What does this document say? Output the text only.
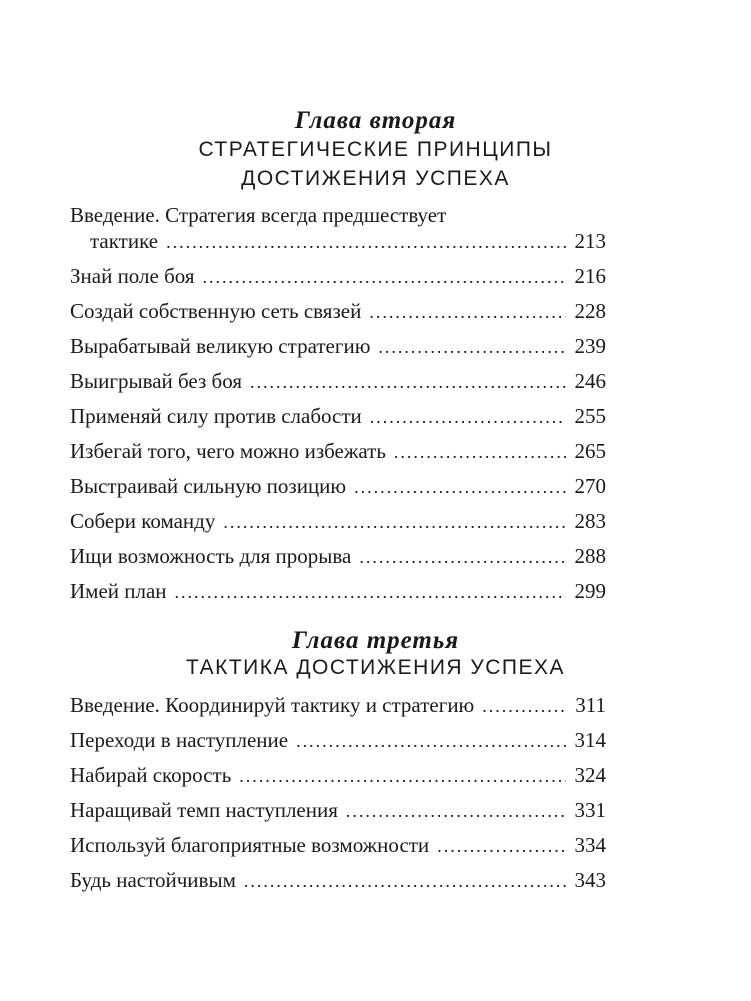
Глава вторая
СТРАТЕГИЧЕСКИЕ ПРИНЦИПЫ
ДОСТИЖЕНИЯ УСПЕХА
Введение. Стратегия всегда предшествует
тактике .....	213
Знай поле боя .....	216
Создай собственную сеть связей .....	228
Вырабатывай великую стратегию .....	239
Выигрывай без боя .....	246
Применяй силу против слабости .....	255
Избегай того, чего можно избежать .....	265
Выстраивай сильную позицию .....	270
Собери команду .....	283
Ищи возможность для прорыва .....	288
Имей план .....	299
Глава третья
ТАКТИКА ДОСТИЖЕНИЯ УСПЕХА
Введение. Координируй тактику и стратегию .....	311
Переходи в наступление .....	314
Набирай скорость .....	324
Наращивай темп наступления .....	331
Используй благоприятные возможности .....	334
Будь настойчивым .....	343
